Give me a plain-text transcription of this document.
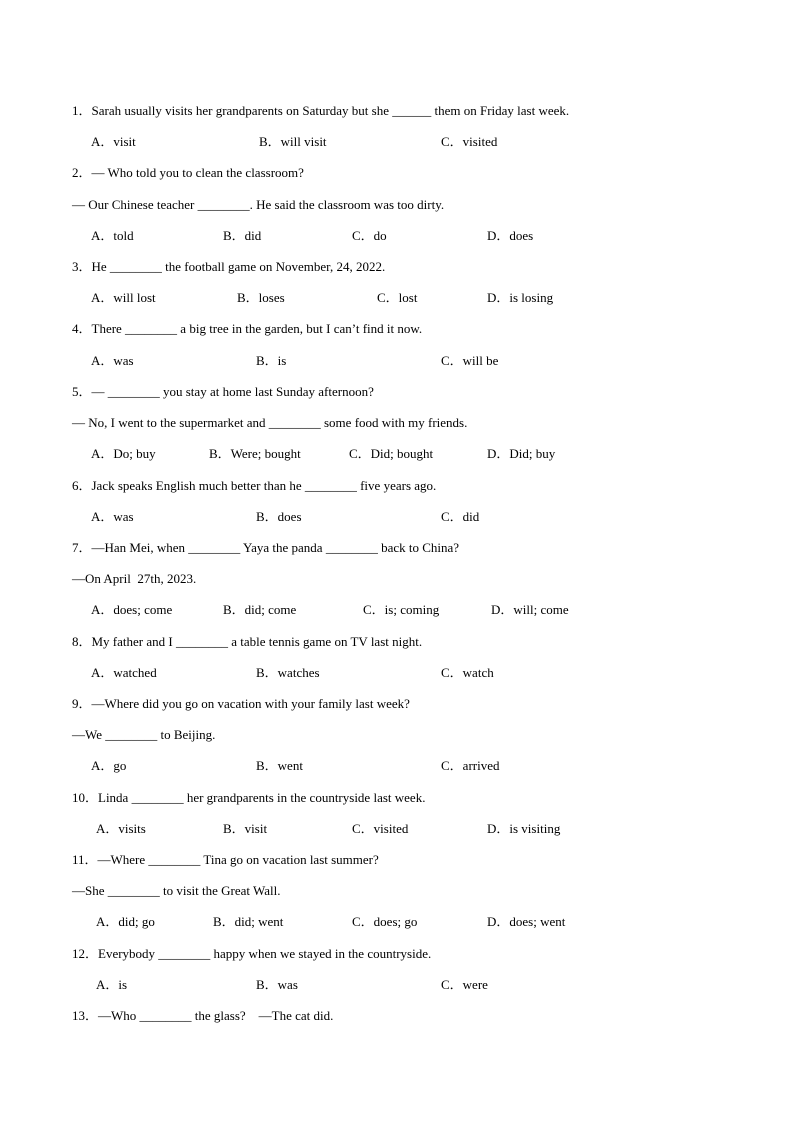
1．Sarah usually visits her grandparents on Saturday but she ______ them on Friday last week.
A．visit	B．will visit	C．visited
2．— Who told you to clean the classroom?
— Our Chinese teacher ________. He said the classroom was too dirty.
A．told	B．did	C．do	D．does
3．He ________ the football game on November, 24, 2022.
A．will lost	B．loses	C．lost	D．is losing
4．There ________ a big tree in the garden, but I can’t find it now.
A．was	B．is	C．will be
5．— ________ you stay at home last Sunday afternoon?
— No, I went to the supermarket and ________ some food with my friends.
A．Do; buy	B．Were; bought	C．Did; bought	D．Did; buy
6．Jack speaks English much better than he ________ five years ago.
A．was	B．does	C．did
7．—Han Mei, when ________ Yaya the panda ________ back to China?
—On April  27th, 2023.
A．does; come	B．did; come	C．is; coming	D．will; come
8．My father and I ________ a table tennis game on TV last night.
A．watched	B．watches	C．watch
9．—Where did you go on vacation with your family last week?
—We ________ to Beijing.
A．go	B．went	C．arrived
10．Linda ________ her grandparents in the countryside last week.
A．visits	B．visit	C．visited	D．is visiting
11．—Where ________ Tina go on vacation last summer?
—She ________ to visit the Great Wall.
A．did; go	B．did; went	C．does; go	D．does; went
12．Everybody ________ happy when we stayed in the countryside.
A．is	B．was	C．were
13．—Who ________ the glass?    —The cat did.
